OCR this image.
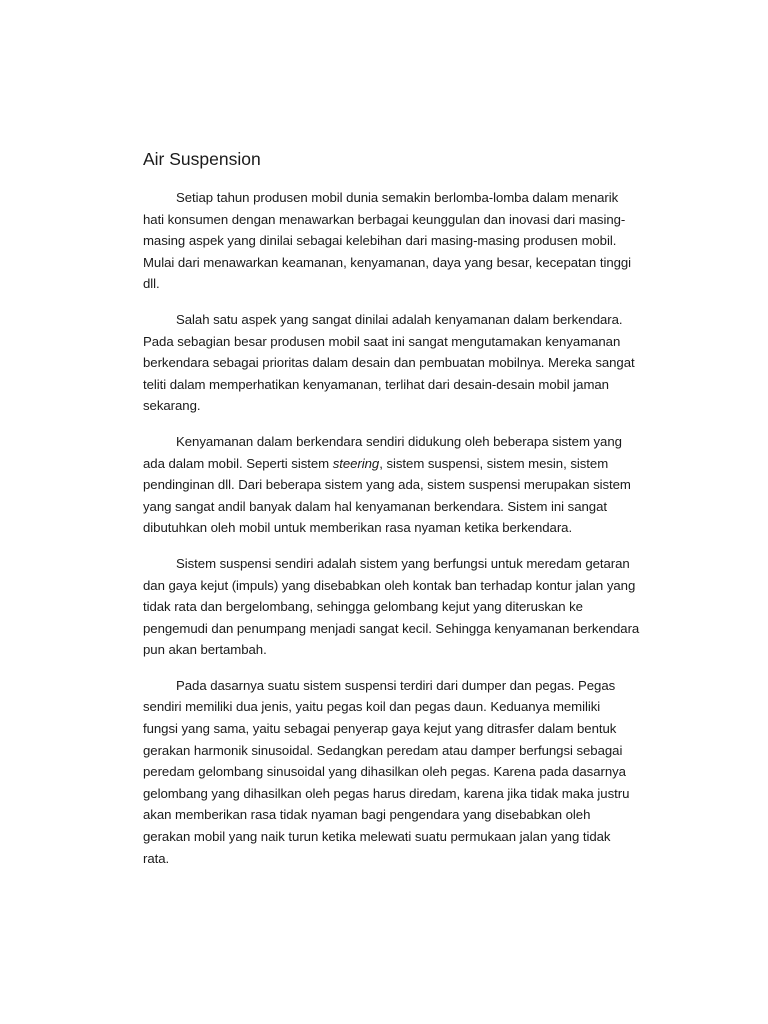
Air Suspension

Setiap tahun produsen mobil dunia semakin berlomba-lomba dalam menarik
hati konsumen dengan menawarkan berbagai keunggulan dan inovasi dari masing-
masing aspek yang dinilai sebagai kelebihan dari masing-masing produsen mobil.
Mulai dari menawarkan keamanan, kenyamanan, daya yang besar, kecepatan tinggi
dll.

Salah satu aspek yang sangat dinilai adalah kenyamanan dalam berkendara.
Pada sebagian besar produsen mobil saat ini sangat mengutamakan kenyamanan
berkendara sebagai prioritas dalam desain dan pembuatan mobilnya. Mereka sangat
teliti dalam memperhatikan kenyamanan, terlihat dari desain-desain mobil jaman
sekarang.

Kenyamanan dalam berkendara sendiri didukung oleh beberapa sistem yang
ada dalam mobil. Seperti sistem steering, sistem suspensi, sistem mesin, sistem
pendinginan dll. Dari beberapa sistem yang ada, sistem suspensi merupakan sistem
yang sangat andil banyak dalam hal kenyamanan berkendara. Sistem ini sangat
dibutuhkan oleh mobil untuk memberikan rasa nyaman ketika berkendara.

Sistem suspensi sendiri adalah sistem yang berfungsi untuk meredam getaran
dan gaya kejut (impuls) yang disebabkan oleh kontak ban terhadap kontur jalan yang
tidak rata dan bergelombang, sehingga gelombang kejut yang diteruskan ke
pengemudi dan penumpang menjadi sangat kecil. Sehingga kenyamanan berkendara
pun akan bertambah.

Pada dasarnya suatu sistem suspensi terdiri dari dumper dan pegas. Pegas
sendiri memiliki dua jenis, yaitu pegas koil dan pegas daun. Keduanya memiliki
fungsi yang sama, yaitu sebagai penyerap gaya kejut yang ditrasfer dalam bentuk
gerakan harmonik sinusoidal. Sedangkan peredam atau damper berfungsi sebagai
peredam gelombang sinusoidal yang dihasilkan oleh pegas. Karena pada dasarnya
gelombang yang dihasilkan oleh pegas harus diredam, karena jika tidak maka justru
akan memberikan rasa tidak nyaman bagi pengendara yang disebabkan oleh
gerakan mobil yang naik turun ketika melewati suatu permukaan jalan yang tidak
rata.
